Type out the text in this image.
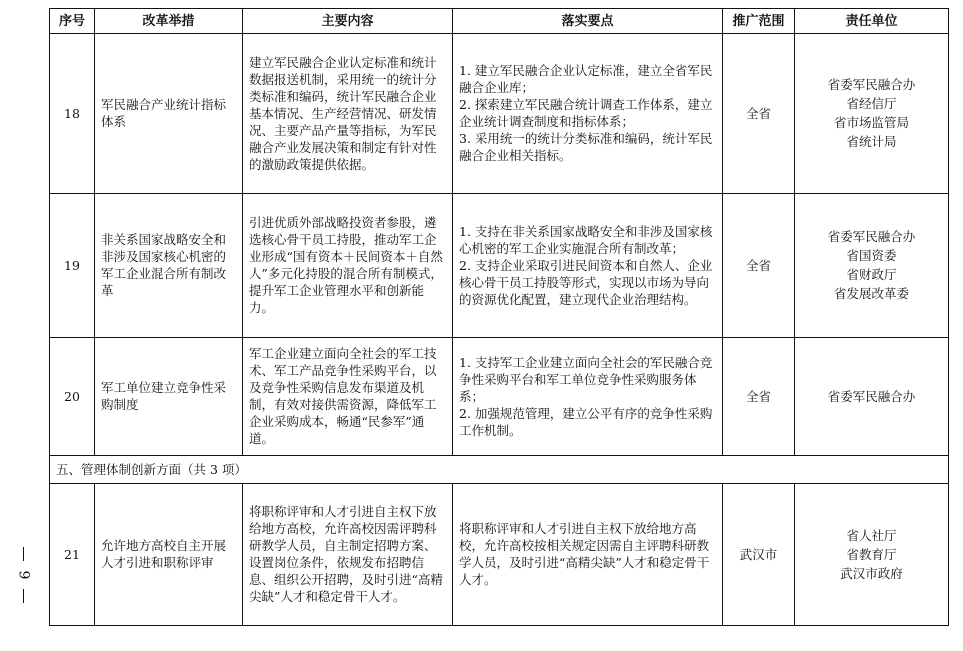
9
序号	改革举措	主要内容	落实要点	推广范围	责任单位
18	军民融合产业统计指标体系	建立军民融合企业认定标准和统计数据报送机制，采用统一的统计分类标准和编码，统计军民融合企业基本情况、生产经营情况、研发情况、主要产品产量等指标，为军民融合产业发展决策和制定有针对性的激励政策提供依据。	1. 建立军民融合企业认定标准，建立全省军民融合企业库；
2. 探索建立军民融合统计调查工作体系，建立企业统计调查制度和指标体系；
3. 采用统一的统计分类标准和编码，统计军民融合企业相关指标。	全省	省委军民融合办
省经信厅
省市场监管局
省统计局

19	非关系国家战略安全和非涉及国家核心机密的军工企业混合所有制改革	引进优质外部战略投资者参股，遴选核心骨干员工持股，推动军工企业形成“国有资本＋民间资本＋自然人”多元化持股的混合所有制模式，提升军工企业管理水平和创新能力。	1. 支持在非关系国家战略安全和非涉及国家核心机密的军工企业实施混合所有制改革；
2. 支持企业采取引进民间资本和自然人、企业核心骨干员工持股等形式，实现以市场为导向的资源优化配置，建立现代企业治理结构。	全省	省委军民融合办
省国资委
省财政厅
省发展改革委

20	军工单位建立竞争性采购制度	军工企业建立面向全社会的军工技术、军工产品竞争性采购平台，以及竞争性采购信息发布渠道及机制，有效对接供需资源，降低军工企业采购成本，畅通“民参军”通道。	1. 支持军工企业建立面向全社会的军民融合竞争性采购平台和军工单位竞争性采购服务体系；
2. 加强规范管理，建立公平有序的竞争性采购工作机制。	全省	省委军民融合办

五、管理体制创新方面（共 3 项）					
21	允许地方高校自主开展人才引进和职称评审	将职称评审和人才引进自主权下放给地方高校，允许高校因需评聘科研教学人员，自主制定招聘方案、设置岗位条件，依规发布招聘信息、组织公开招聘，及时引进“高精尖缺”人才和稳定骨干人才。	将职称评审和人才引进自主权下放给地方高校，允许高校按相关规定因需自主评聘科研教学人员，及时引进“高精尖缺”人才和稳定骨干人才。	武汉市	省人社厅
省教育厅
武汉市政府
